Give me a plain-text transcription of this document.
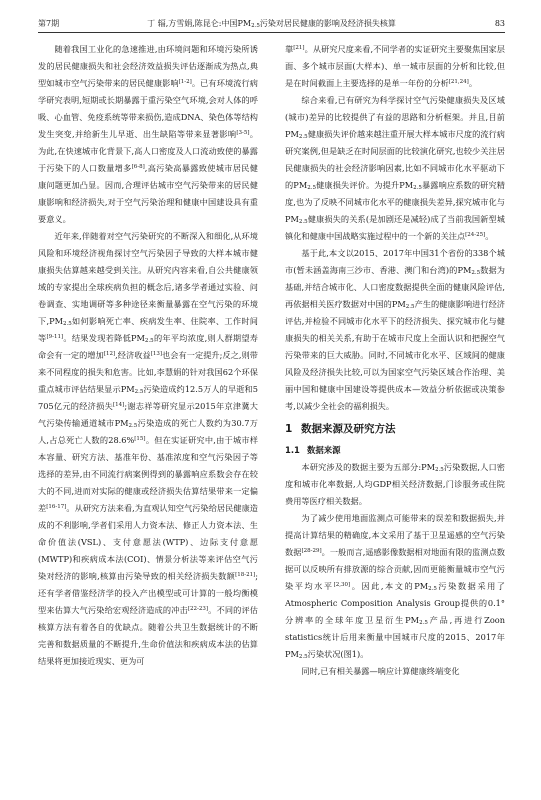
第7期	丁 辐,方雪娟,陈昆仑:中国$PM_{2.5}$污染对居民健康的影响及经济损失核算	83

随着我国工业化的急速推进,由环境问题和环境污染所诱发的居民健康损失和社会经济效益损失评估逐渐成为热点,典型如城市空气污染带来的居民健康影响[1-2]。已有环境流行病学研究表明,短期或长期暴露于重污染空气环境,会对人体的呼吸、心血管、免疫系统等带来损伤,造成DNA、染色体等结构发生突变,并给新生儿早逝、出生缺陷等带来显著影响[3-5]。为此,在快速城市化背景下,高人口密度及人口流动致使的暴露于污染下的人口数量增多[6-8],高污染高暴露致使城市居民健康问题更加凸显。因而,合理评估城市空气污染带来的居民健康影响和经济损失,对于空气污染治理和健康中国建设具有重要意义。

近年来,伴随着对空气污染研究的不断深入和细化,从环境风险和环境经济视角探讨空气污染因子导致的大样本城市健康损失估算越来越受到关注。从研究内容来看,自公共健康领域的专家提出全球疾病负担的概念后,诸多学者通过实验、问卷调查、实地调研等多种途径来衡量暴露在空气污染的环境下$,PM_{2.5}$如何影响死亡率、疾病发生率、住院率、工作时间等[9-11]。结果发现若降低$PM_{2.5}$的年平均浓度,则人群期望寿命会有一定的增加[12],经济收益[13]也会有一定提升;反之,则带来不同程度的损失和危害。比如,李慧娟的针对我国62个环保重点城市评估结果显示$PM_{2.5}$污染造成约12.5万人的早逝和5 705亿元的经济损失[14];谢志祥等研究显示2015年京津冀大气污染传输通道城市$PM_{2.5}$污染造成的死亡人数约为30.7万人,占总死亡人数的28.6%[15]。但在实证研究中,由于城市样本容量、研究方法、基准年份、基准浓度和空气污染因子等选择的差异,由不同流行病案例得到的暴露响应系数会存在较大的不同,进而对实际的健康或经济损失估算结果带来一定偏差[16-17]。从研究方法来看,为直观认知空气污染给居民健康造成的不利影响,学者们采用人力资本法、修正人力资本法、生命价值法(VSL)、支付意愿法(WTP)、边际支付意愿(MWTP)和疾病成本法(COI)、情景分析法等来评估空气污染对经济的影响,核算由污染导致的相关经济损失数额[18-21];还有学者借鉴经济学的投入产出模型或可计算的一般均衡模型来估算大气污染给宏观经济造成的冲击[22-23]。不同的评估核算方法有着各自的优缺点。随着公共卫生数据统计的不断完善和数据质量的不断提升,生命价值法和疾病成本法的估算结果将更加接近现实、更为可

靠[21]。从研究尺度来看,不同学者的实证研究主要聚焦国家层面、多个城市层面(大样本)、单一城市层面的分析和比较,但是在时间截面上主要选择的是单一年份的分析[21,24]。

综合来看,已有研究为科学探讨空气污染健康损失及区域(城市)差异的比较提供了有益的思路和分析框架。并且,目前$PM_{2.5}$健康损失评价越来越注重开展大样本城市尺度的流行病研究案例,但是缺乏在时间层面的比较演化研究,也较少关注居民健康损失的社会经济影响因素,比如不同城市化水平驱动下的$PM_{2.5}$健康损失评价。为提升$PM_{2.5}$暴露响应系数的研究精度,也为了反映不同城市化水平的健康损失差异,探究城市化与$PM_{2.5}$健康损失的关系(是加剧还是减轻)成了当前我国新型城镇化和健康中国战略实施过程中的一个新的关注点[24-25]。

基于此,本文以2015、2017年中国31个省份的338个城市(暂未涵盖海南三沙市、香港、澳门和台湾)的$PM_{2.5}$数据为基础,并结合城市化、人口密度数据提供全面的健康风险评估,再依据相关医疗数据对中国的$PM_{2.5}$产生的健康影响进行经济评估,并检验不同城市化水平下的经济损失、探究城市化与健康损失的相关关系,有助于在城市尺度上全面认识和把握空气污染带来的巨大威胁。同时,不同城市化水平、区域间的健康风险及经济损失比较,可以为国家空气污染区域合作治理、美丽中国和健康中国建设等提供成本—效益分析依据或决策参考,以减少全社会的福利损失。

1 数据来源及研究方法
1.1 数据来源

本研究涉及的数据主要为五部分$:PM_{2.5}$污染数据,人口密度和城市化率数据,人均GDP相关经济数据,门诊服务或住院费用等医疗相关数据。

为了减少使用地面监测点可能带来的误差和数据损失,并提高计算结果的精确度,本文采用了基于卫星遥感的空气污染数据[28-29]。一般而言,遥感影像数据相对地面有限的监测点数据可以反映所有排放源的综合贡献,因而更能衡量城市空气污染平均水平[2,30]。因此,本文的$PM_{2.5}$污染数据采用了Atmospheric Composition Analysis Group提供的0.1°分辨率的全球年度卫星衍生$PM_{2.5}$产品,再进行Zoon statistics统计后用来衡量中国城市尺度的2015、2017年$PM_{2.5}$污染状况(图1)。

同时,已有相关暴露—响应计算健康终端变化
